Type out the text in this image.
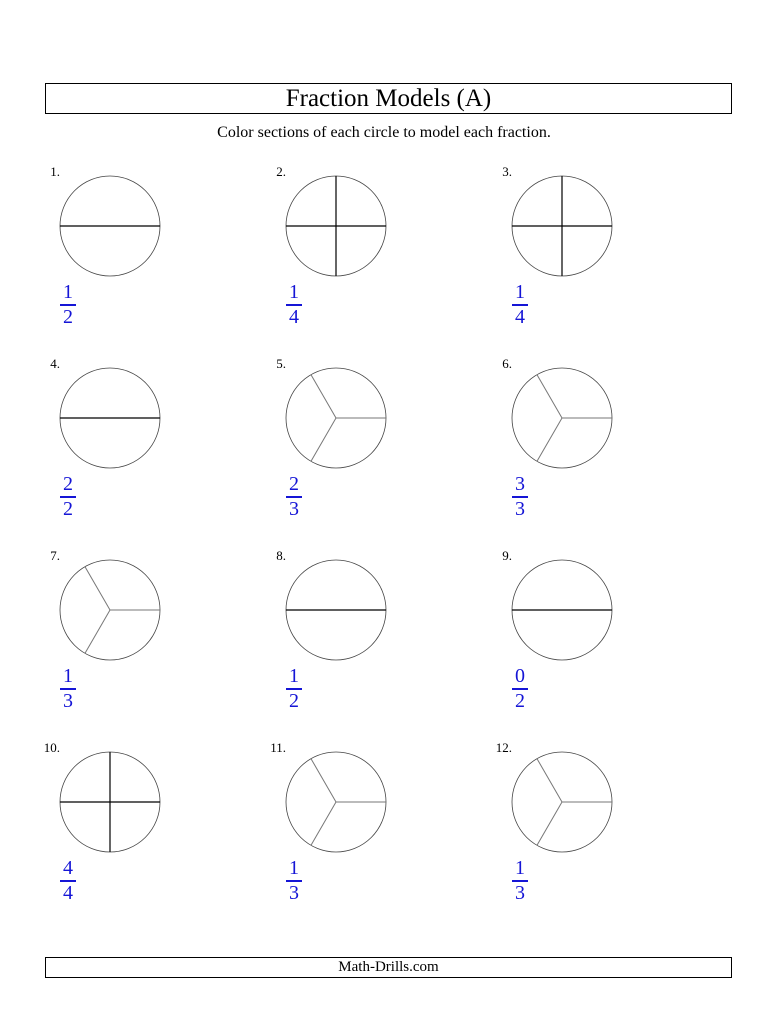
Fraction Models (A)
Color sections of each circle to model each fraction.
1.
1
2
2.
1
4
3.
1
4
4.
2
2
5.
2
3
6.
3
3
7.
1
3
8.
1
2
9.
0
2
10.
4
4
11.
1
3
12.
1
3
Math-Drills.com
